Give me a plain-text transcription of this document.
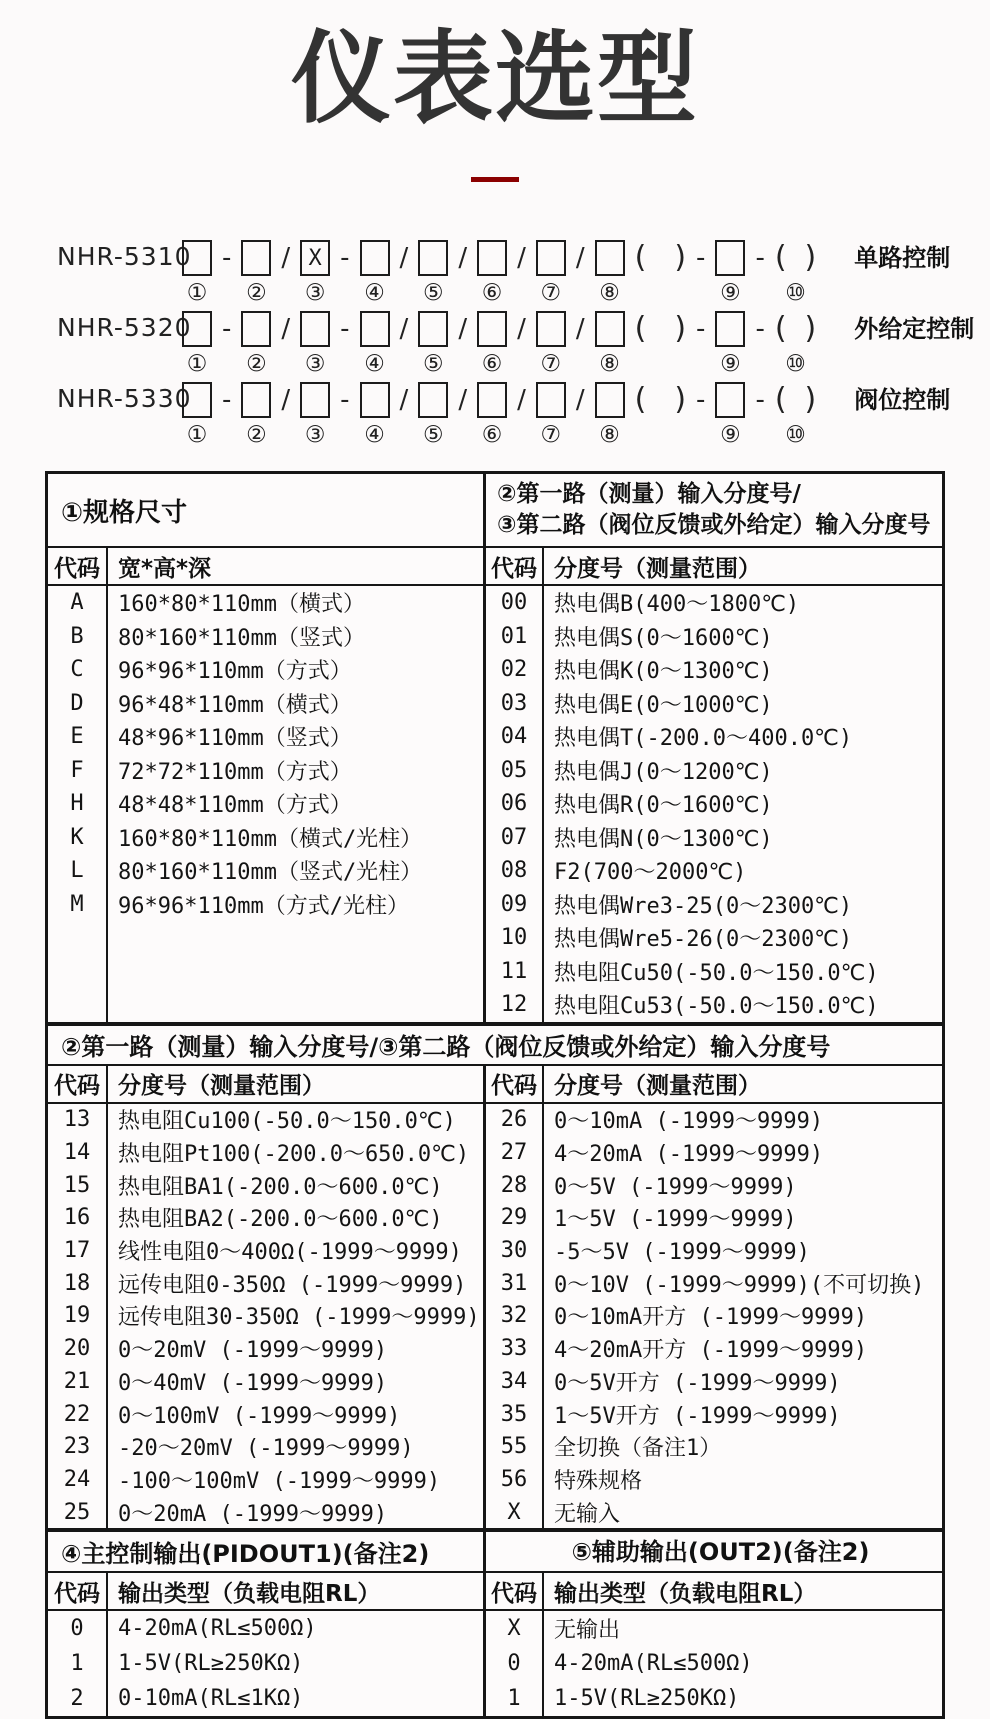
仪表选型
NHR-5310
①
-
②
/ X
③
-
④
/
⑤
/
⑥
/
⑦
/
⑧
( ) -
⑨
- ( )
⑩
单路控制
NHR-5320
①
-
②
/
③
-
④
/
⑤
/
⑥
/
⑦
/
⑧
( ) -
⑨
- ( )
⑩
外给定控制
NHR-5330
①
-
②
/
③
-
④
/
⑤
/
⑥
/
⑦
/
⑧
( ) -
⑨
- ( )
⑩
阀位控制
①规格尺寸
②第一路（测量）输入分度号/
③第二路（阀位反馈或外给定）输入分度号
代码 宽*高*深
A	160*80*110mm（横式）
B	80*160*110mm（竖式）
C	96*96*110mm（方式）
D	96*48*110mm（横式）
E	48*96*110mm（竖式）
F	72*72*110mm（方式）
H	48*48*110mm（方式）
K	160*80*110mm（横式/光柱）
L	80*160*110mm（竖式/光柱）
M	96*96*110mm（方式/光柱）
代码 分度号（测量范围）
00	热电偶B(400～1800℃)
01	热电偶S(0～1600℃)
02	热电偶K(0～1300℃)
03	热电偶E(0～1000℃)
04	热电偶T(-200.0～400.0℃)
05	热电偶J(0～1200℃)
06	热电偶R(0～1600℃)
07	热电偶N(0～1300℃)
08	F2(700～2000℃)
09	热电偶Wre3-25(0～2300℃)
10	热电偶Wre5-26(0～2300℃)
11	热电阻Cu50(-50.0～150.0℃)
12	热电阻Cu53(-50.0～150.0℃)
②第一路（测量）输入分度号/③第二路（阀位反馈或外给定）输入分度号
代码 分度号（测量范围）
13	热电阻Cu100(-50.0～150.0℃)
14	热电阻Pt100(-200.0～650.0℃)
15	热电阻BA1(-200.0～600.0℃)
16	热电阻BA2(-200.0～600.0℃)
17	线性电阻0～400Ω(-1999～9999)
18	远传电阻0-350Ω (-1999～9999)
19	远传电阻30-350Ω (-1999～9999)
20	0～20mV (-1999～9999)
21	0～40mV (-1999～9999)
22	0～100mV (-1999～9999)
23	-20～20mV (-1999～9999)
24	-100～100mV (-1999～9999)
25	0～20mA (-1999～9999)
代码 分度号（测量范围）
26	0～10mA (-1999～9999)
27	4～20mA (-1999～9999)
28	0～5V (-1999～9999)
29	1～5V (-1999～9999)
30	-5～5V (-1999～9999)
31	0～10V (-1999～9999)(不可切换)
32	0～10mA开方 (-1999～9999)
33	4～20mA开方 (-1999～9999)
34	0～5V开方 (-1999～9999)
35	1～5V开方 (-1999～9999)
55	全切换（备注1）
56	特殊规格
X	无输入
④主控制输出(PIDOUT1)(备注2)	⑤辅助输出(OUT2)(备注2)
代码 输出类型（负载电阻RL）
0	4-20mA(RL≤500Ω)
1	1-5V(RL≥250KΩ)
2	0-10mA(RL≤1KΩ)
代码 输出类型（负载电阻RL）
X	无输出
0	4-20mA(RL≤500Ω)
1	1-5V(RL≥250KΩ)
